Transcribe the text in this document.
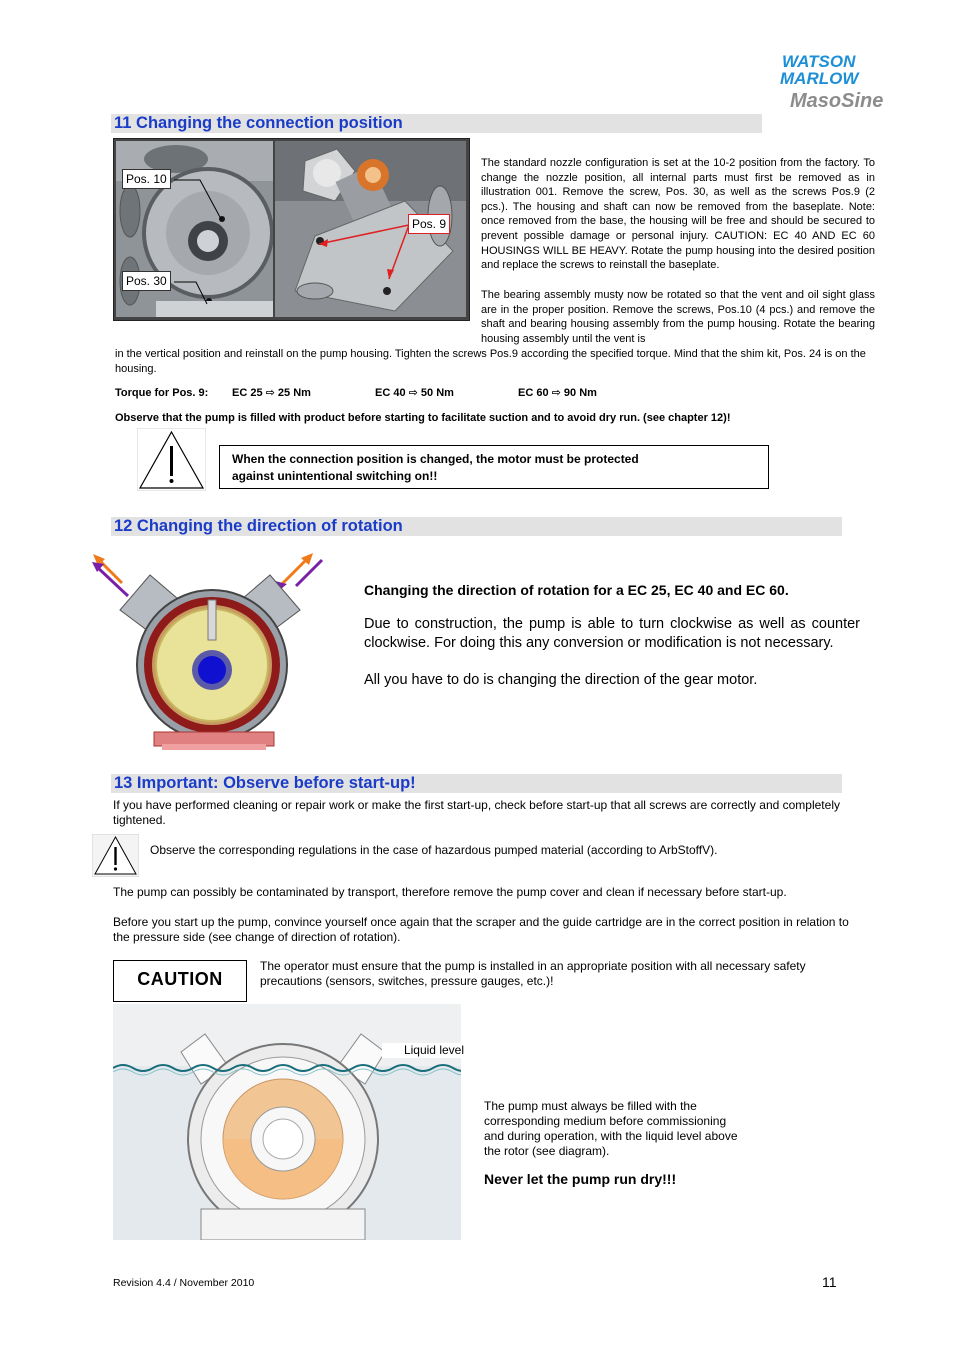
WATSON
MARLOW
MasoSine
11 Changing the connection position
Pos. 10
Pos. 30
Pos. 9
The standard nozzle configuration is set at the 10-2 position from the factory. To change the nozzle position, all internal parts must first be removed as in illustration 001. Remove the screw, Pos. 30, as well as the screws Pos.9 (2 pcs.). The housing and shaft can now be removed from the baseplate. Note: once removed from the base, the housing will be free and should be secured to prevent possible damage or personal injury. CAUTION: EC 40 AND EC 60 HOUSINGS WILL BE HEAVY. Rotate the pump housing into the desired position and replace the screws to reinstall the baseplate.
The bearing assembly musty now be rotated so that the vent and oil sight glass are in the proper position. Remove the screws, Pos.10 (4 pcs.) and remove the shaft and bearing housing assembly from the pump housing. Rotate the bearing housing assembly until the vent is
in the vertical position and reinstall on the pump housing. Tighten the screws Pos.9 according the specified torque. Mind that the shim kit, Pos. 24 is on the housing.
Torque for Pos. 9: EC 25 ⇨ 25 Nm	EC 40 ⇨ 50 Nm	EC 60 ⇨ 90 Nm
Observe that the pump is filled with product before starting to facilitate suction and to avoid dry run. (see chapter 12)!
When the connection position is changed, the motor must be protected
against unintentional switching on!!
12 Changing the direction of rotation
Changing the direction of rotation for a EC 25, EC 40 and EC 60.
Due to construction, the pump is able to turn clockwise as well as counter clockwise. For doing this any conversion or modification is not necessary.
All you have to do is changing the direction of the gear motor.
13 Important: Observe before start-up!
If you have performed cleaning or repair work or make the first start-up, check before start-up that all screws are correctly and completely tightened.
Observe the corresponding regulations in the case of hazardous pumped material (according to ArbStoffV).
The pump can possibly be contaminated by transport, therefore remove the pump cover and clean if necessary before start-up.
Before you start up the pump, convince yourself once again that the scraper and the guide cartridge are in the correct position in relation to the pressure side (see change of direction of rotation).
CAUTION
The operator must ensure that the pump is installed in an appropriate position with all necessary safety precautions (sensors, switches, pressure gauges, etc.)!
Liquid level
The pump must always be filled with the corresponding medium before commissioning and during operation, with the liquid level above the rotor (see diagram).
Never let the pump run dry!!!
Revision 4.4 / November 2010	11
